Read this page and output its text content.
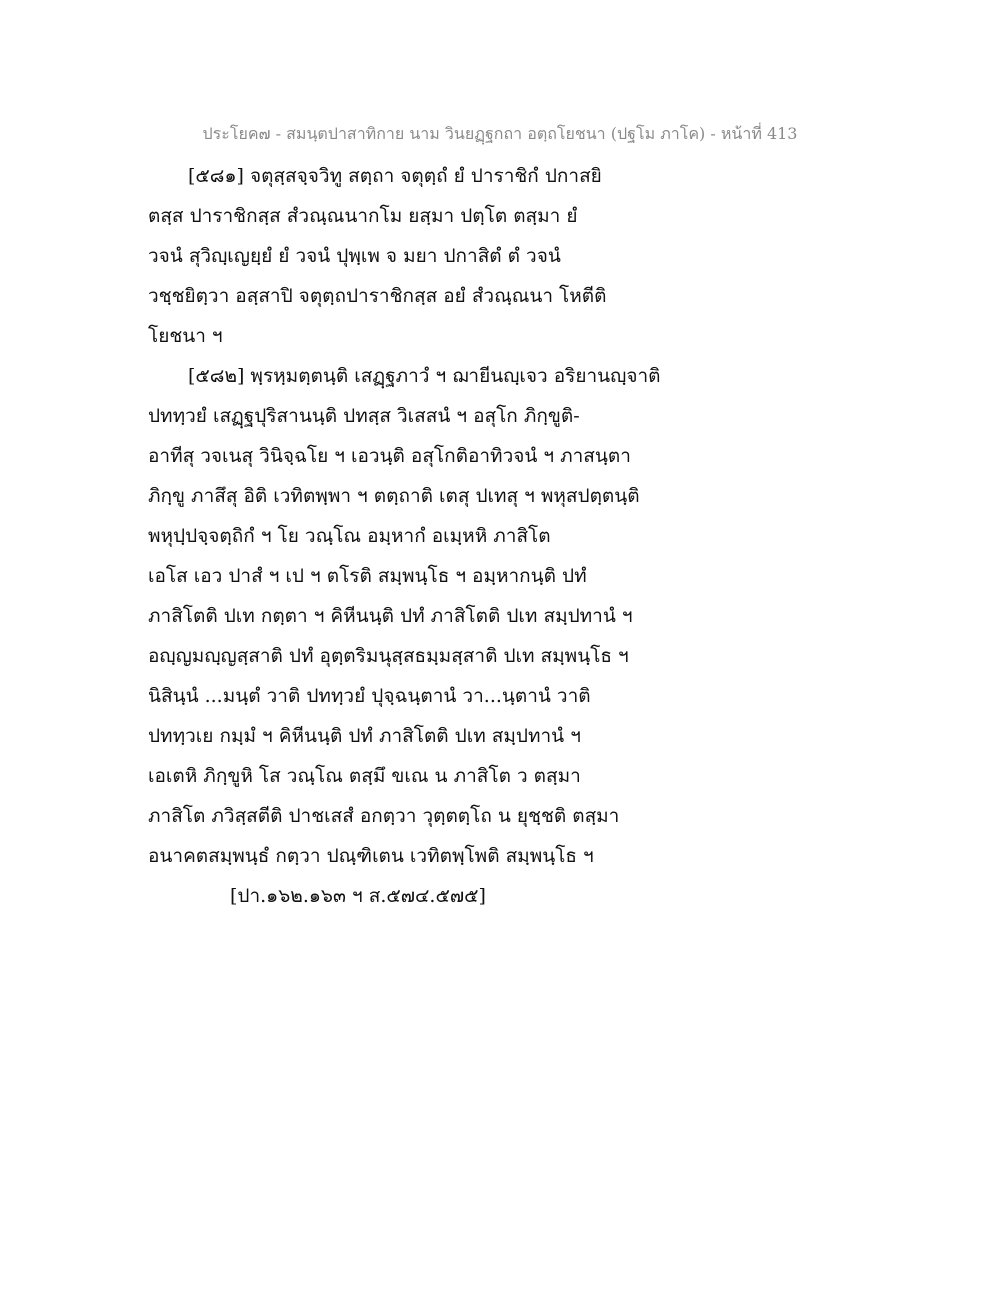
ประโยค๗ - สมนฺตปาสาทิกาย นาม วินยฏฺฐกถา อตฺถโยชนา (ปฐโม ภาโค) - หน้าที่ 413
[๕๘๑] จตุสฺสจฺจวิทู สตฺถา จตุตฺถํ ยํ ปาราชิกํ ปกาสยิ
ตสฺส ปาราชิกสฺส สํวณฺณนากโม ยสฺมา ปตฺโต ตสฺมา ยํ
วจนํ สุวิญฺเญยฺยํ ยํ วจนํ ปุพฺเพ จ มยา ปกาสิตํ ตํ วจนํ
วชฺชยิตฺวา อสฺสาปิ จตุตฺถปาราชิกสฺส อยํ สํวณฺณนา โหตีติ
โยชนา ฯ
[๕๘๒] พฺรหฺมตฺตนฺติ เสฏฺฐภาวํ ฯ ฌายีนญฺเจว อริยานญฺจาติ
ปททฺวยํ เสฏฺฐปุริสานนฺติ ปทสฺส วิเสสนํ ฯ อสุโก ภิกฺขูติ-
อาทีสุ วจเนสุ วินิจฺฉโย ฯ เอวนฺติ อสุโกติอาทิวจนํ ฯ ภาสนฺตา
ภิกฺขู ภาสึสุ อิติ เวทิตพฺพา ฯ ตตฺถาติ เตสุ ปเทสุ ฯ พหุสปตฺตนฺติ
พหุปฺปจฺจตฺถิกํ ฯ โย วณฺโณ อมฺหากํ อเมฺหหิ ภาสิโต
เอโส เอว ปาสํ ฯ เป ฯ ตโรติ สมฺพนฺโธ ฯ อมฺหากนฺติ ปทํ
ภาสิโตติ ปเท กตฺตา ฯ คิหีนนฺติ ปทํ ภาสิโตติ ปเท สมฺปทานํ ฯ
อญฺญมญฺญสฺสาติ ปทํ อุตฺตริมนุสฺสธมฺมสฺสาติ ปเท สมฺพนฺโธ ฯ
นิสินฺนํ ...มนฺตํ วาติ ปททฺวยํ ปุจฺฉนฺตานํ วา...นฺตานํ วาติ
ปททฺวเย กมฺมํ ฯ คิหีนนฺติ ปทํ ภาสิโตติ ปเท สมฺปทานํ ฯ
เอเตหิ ภิกฺขูหิ โส วณฺโณ ตสฺมึ ขเณ น ภาสิโต ว ตสฺมา
ภาสิโต ภวิสฺสตีติ ปาชเสสํ อกตฺวา วุตฺตตฺโถ น ยุชฺชติ ตสฺมา
อนาคตสมฺพนฺธํ กตฺวา ปณฺฑิเตน เวทิตพฺโพติ สมฺพนฺโธ ฯ
[ปา.๑๖๒.๑๖๓ ฯ ส.๕๗๔.๕๗๕]
